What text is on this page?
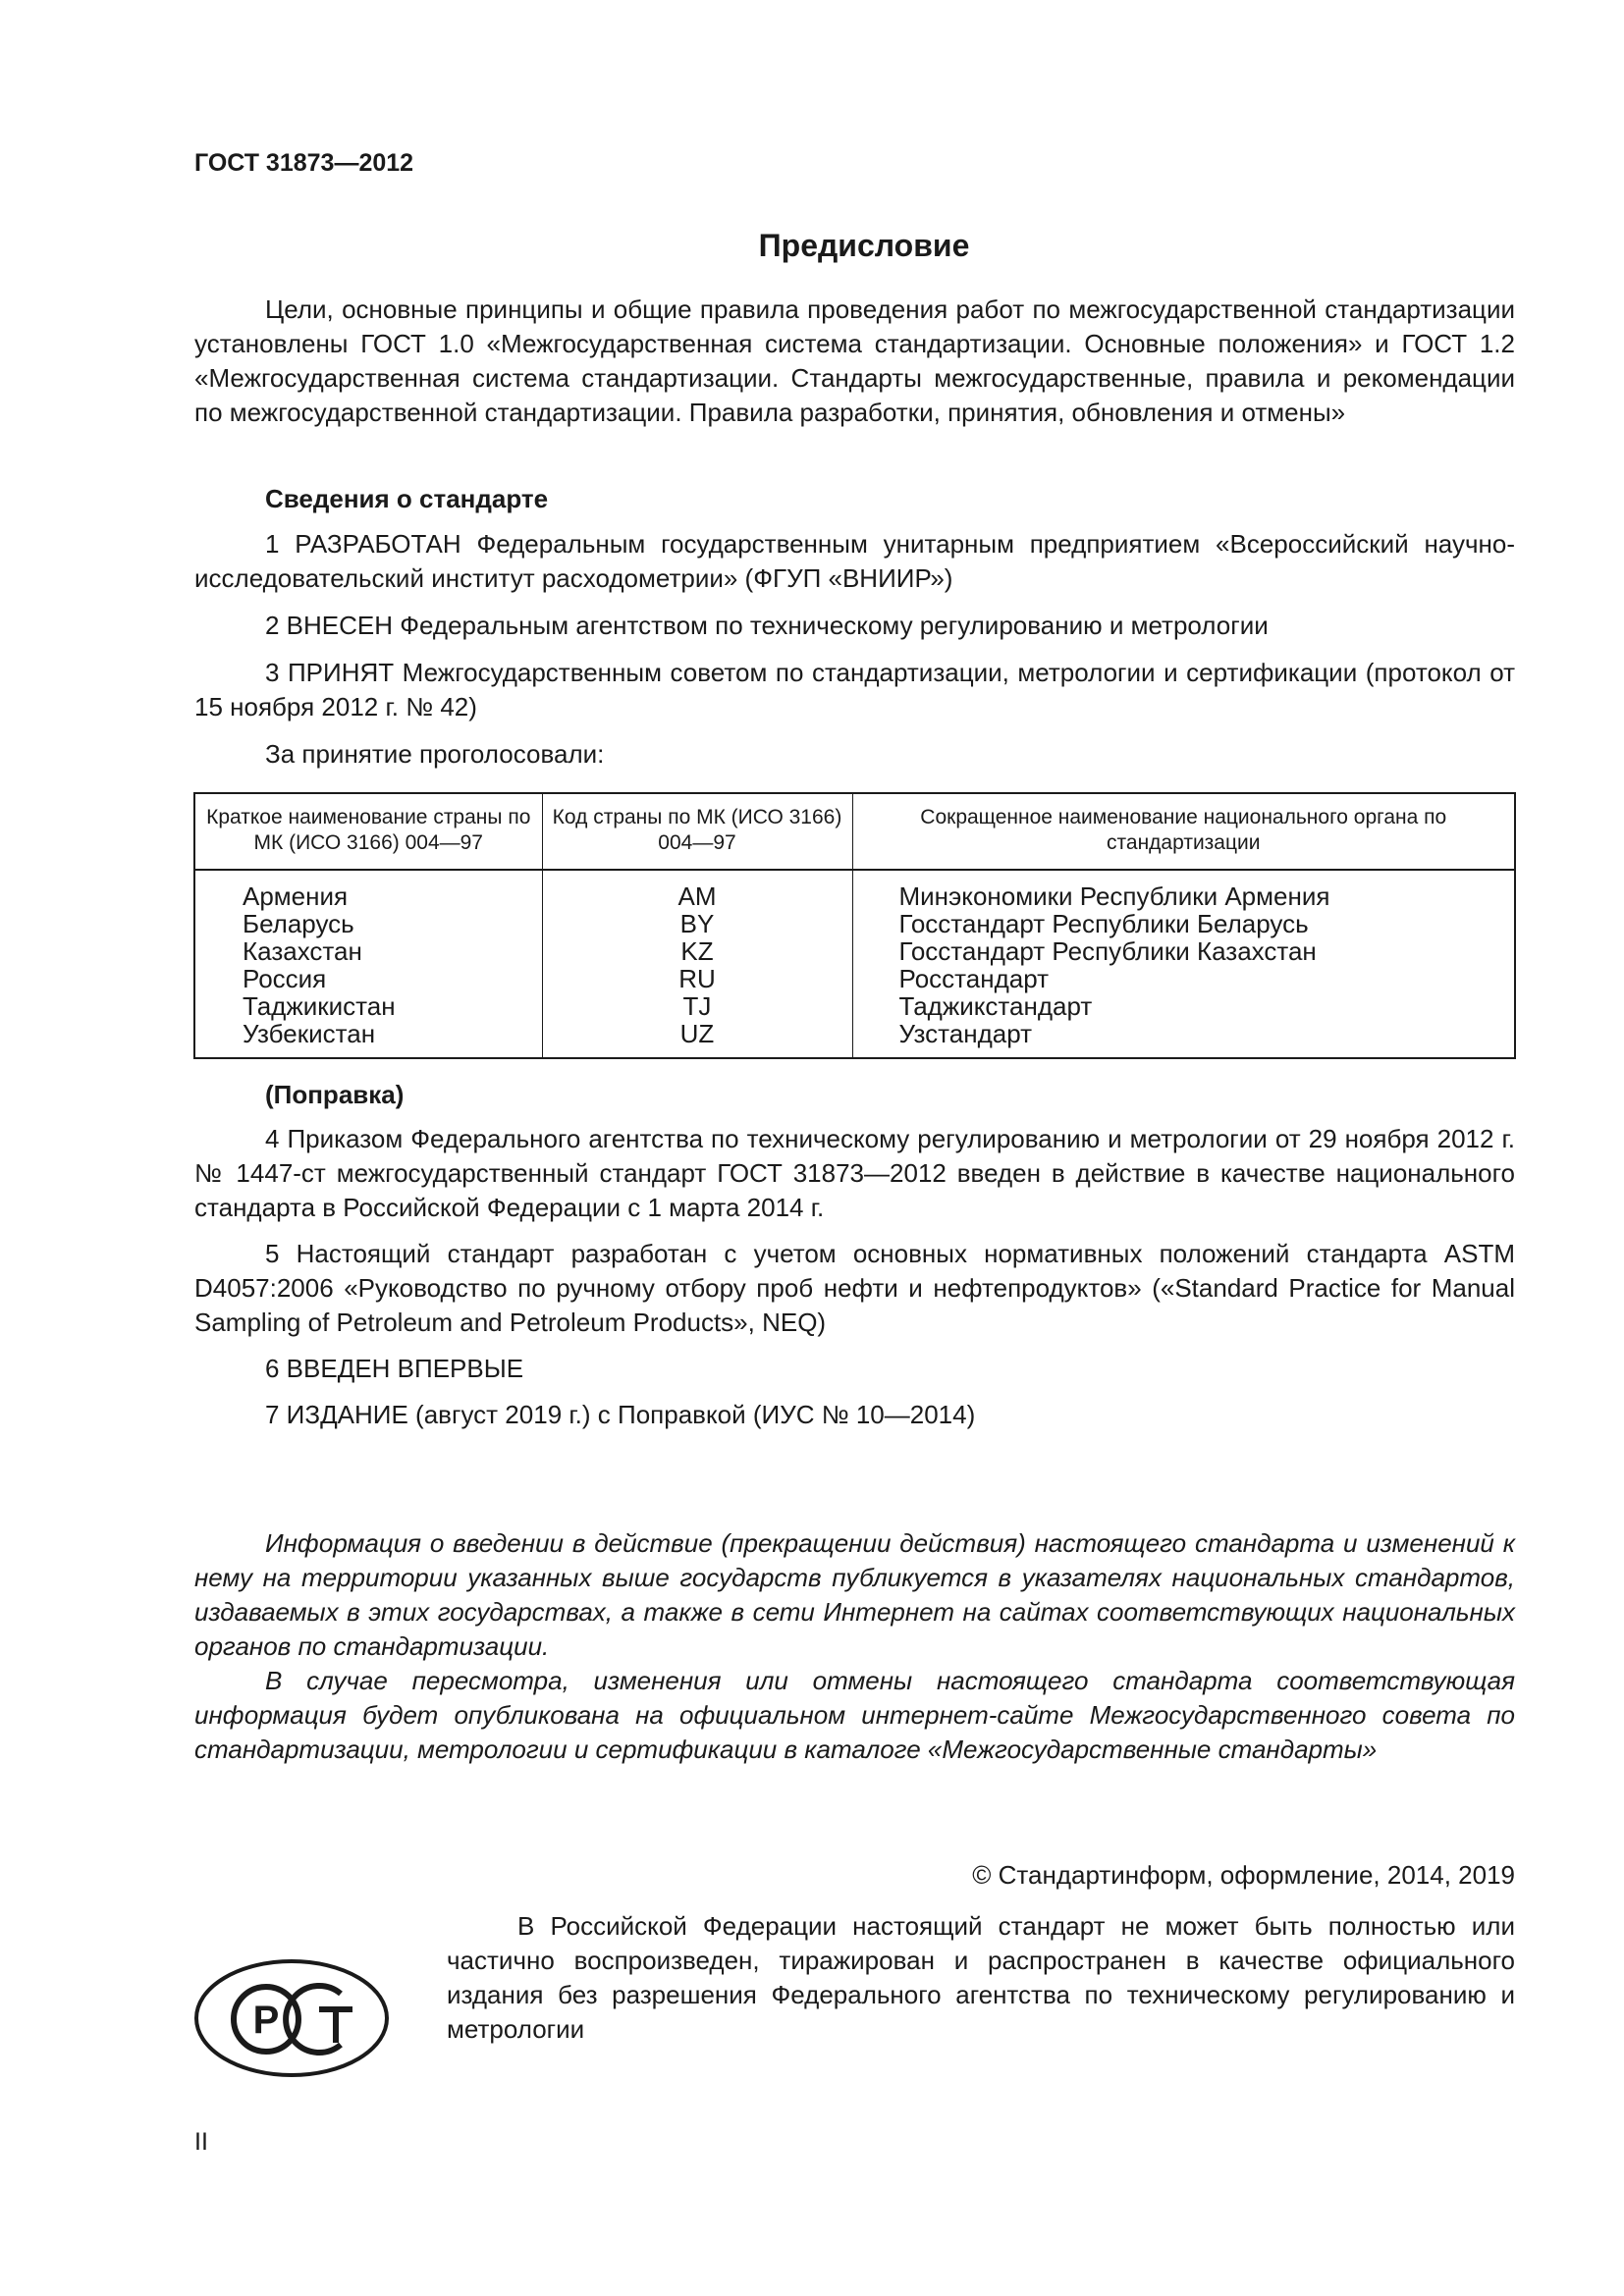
ГОСТ 31873—2012

Предисловие

Цели, основные принципы и общие правила проведения работ по межгосударственной стандартизации установлены ГОСТ 1.0 «Межгосударственная система стандартизации. Основные положения» и ГОСТ 1.2 «Межгосударственная система стандартизации. Стандарты межгосударственные, правила и рекомендации по межгосударственной стандартизации. Правила разработки, принятия, обновления и отмены»

Сведения о стандарте

1 РАЗРАБОТАН Федеральным государственным унитарным предприятием «Всероссийский научно-исследовательский институт расходометрии» (ФГУП «ВНИИР»)

2 ВНЕСЕН Федеральным агентством по техническому регулированию и метрологии

3 ПРИНЯТ Межгосударственным советом по стандартизации, метрологии и сертификации (протокол от 15 ноября 2012 г. № 42)

За принятие проголосовали:

Краткое наименование страны по МК (ИСО 3166) 004—97	Код страны по МК (ИСО 3166) 004—97	Сокращенное наименование национального органа по стандартизации
Армения	AM	Минэкономики Республики Армения
Беларусь	BY	Госстандарт Республики Беларусь
Казахстан	KZ	Госстандарт Республики Казахстан
Россия	RU	Росстандарт
Таджикистан	TJ	Таджикстандарт
Узбекистан	UZ	Узстандарт

(Поправка)

4 Приказом Федерального агентства по техническому регулированию и метрологии от 29 ноября 2012 г. № 1447-ст межгосударственный стандарт ГОСТ 31873—2012 введен в действие в качестве национального стандарта в Российской Федерации с 1 марта 2014 г.

5 Настоящий стандарт разработан с учетом основных нормативных положений стандарта ASTM D4057:2006 «Руководство по ручному отбору проб нефти и нефтепродуктов» («Standard Practice for Manual Sampling of Petroleum and Petroleum Products», NEQ)

6 ВВЕДЕН ВПЕРВЫЕ

7 ИЗДАНИЕ (август 2019 г.) с Поправкой (ИУС № 10—2014)

Информация о введении в действие (прекращении действия) настоящего стандарта и изменений к нему на территории указанных выше государств публикуется в указателях национальных стандартов, издаваемых в этих государствах, а также в сети Интернет на сайтах соответствующих национальных органов по стандартизации.

В случае пересмотра, изменения или отмены настоящего стандарта соответствующая информация будет опубликована на официальном интернет-сайте Межгосударственного совета по стандартизации, метрологии и сертификации в каталоге «Межгосударственные стандарты»

© Стандартинформ, оформление, 2014, 2019

Р

В Российской Федерации настоящий стандарт не может быть полностью или частично воспроизведен, тиражирован и распространен в качестве официального издания без разрешения Федерального агентства по техническому регулированию и метрологии

II
